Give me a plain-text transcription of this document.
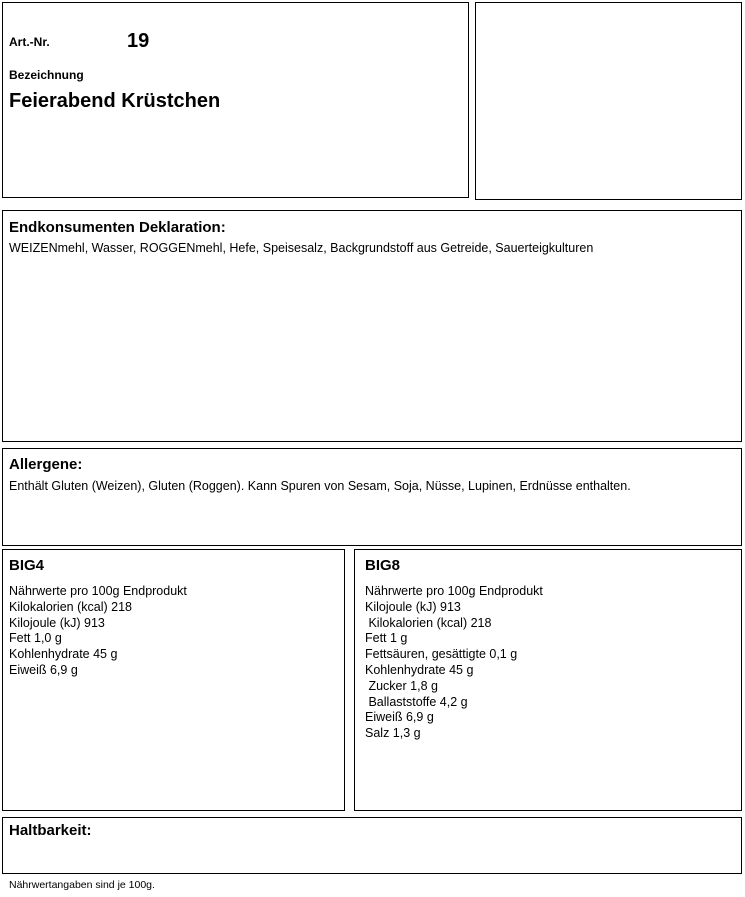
Art.-Nr.	19
Bezeichnung
Feierabend Krüstchen
Endkonsumenten Deklaration:
WEIZENmehl, Wasser, ROGGENmehl, Hefe, Speisesalz, Backgrundstoff aus Getreide, Sauerteigkulturen
Allergene:
Enthält Gluten (Weizen), Gluten (Roggen). Kann Spuren von Sesam, Soja, Nüsse, Lupinen, Erdnüsse enthalten.
BIG4
Nährwerte pro 100g Endprodukt
Kilokalorien (kcal) 218
Kilojoule (kJ) 913
Fett 1,0 g
Kohlenhydrate 45 g
Eiweiß 6,9 g
BIG8
Nährwerte pro 100g Endprodukt
Kilojoule (kJ) 913
Kilokalorien (kcal) 218
Fett 1 g
Fettsäuren, gesättigte 0,1 g
Kohlenhydrate 45 g
Zucker 1,8 g
Ballaststoffe 4,2 g
Eiweiß 6,9 g
Salz 1,3 g
Haltbarkeit:
Nährwertangaben sind je 100g.
